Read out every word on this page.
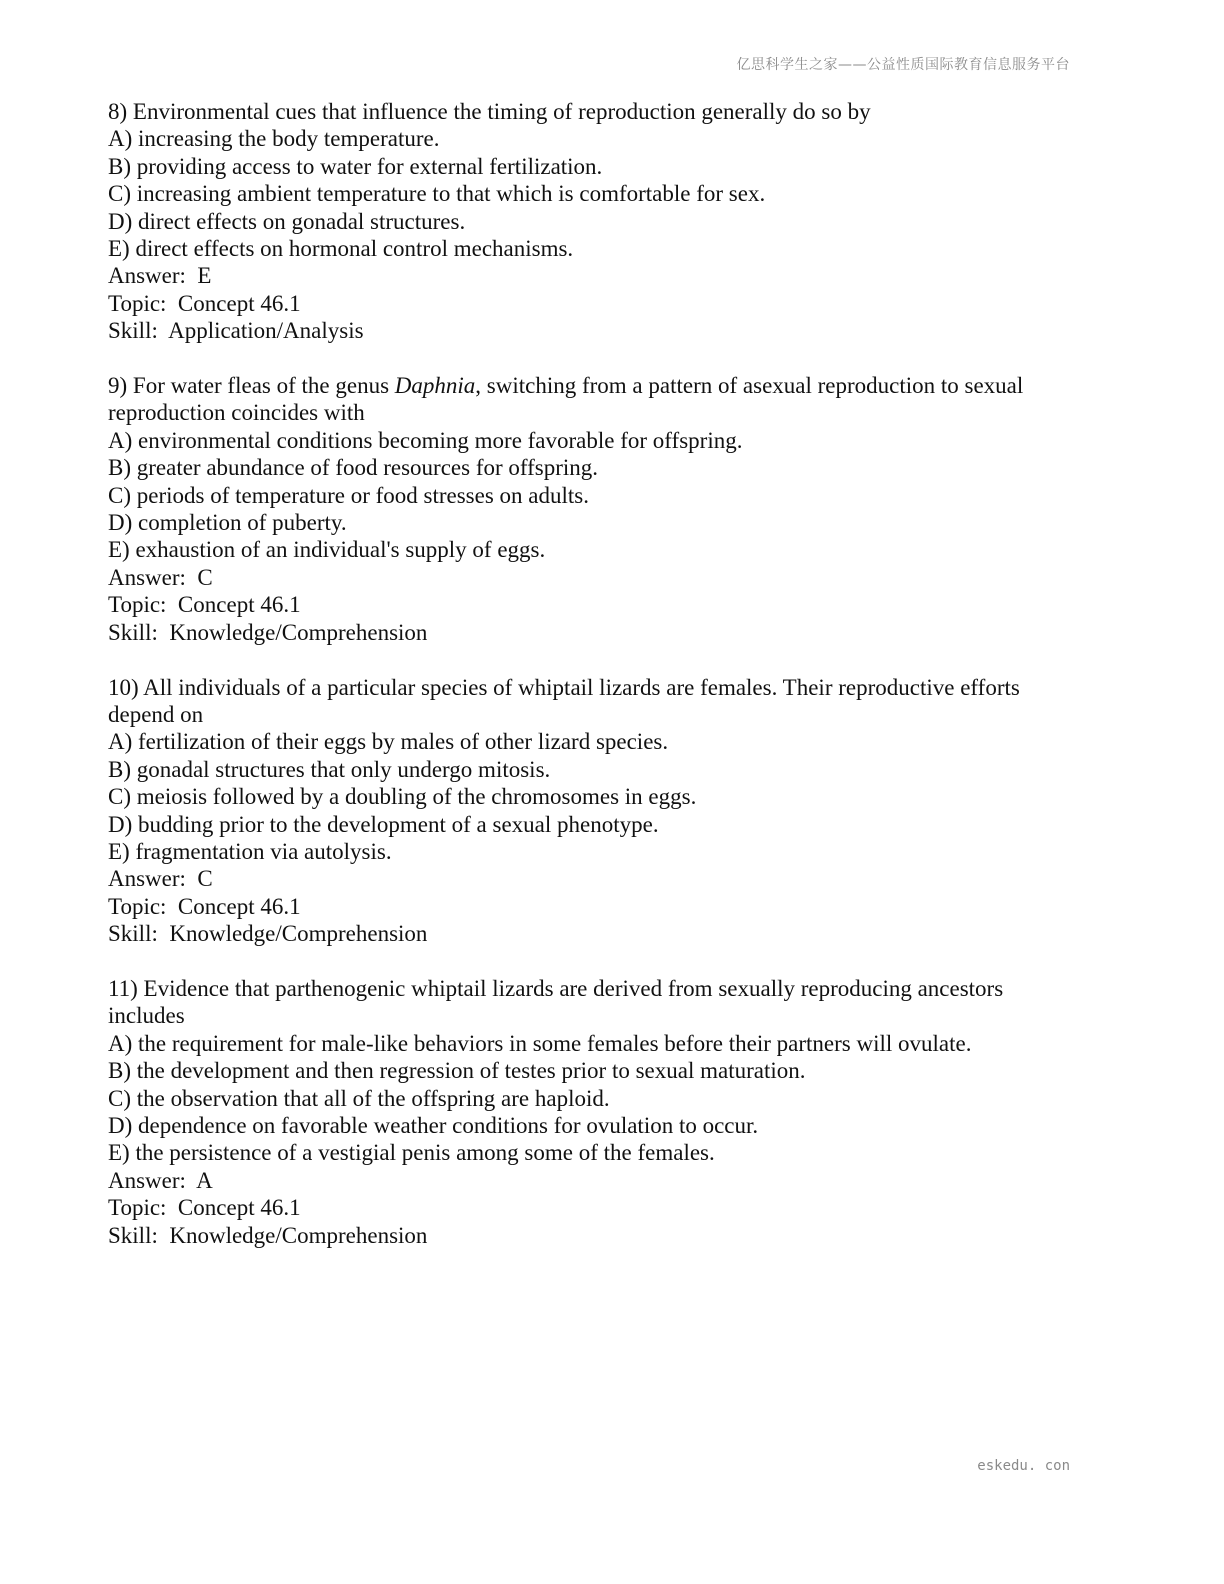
亿思科学生之家——公益性质国际教育信息服务平台
8) Environmental cues that influence the timing of reproduction generally do so by
A) increasing the body temperature.
B) providing access to water for external fertilization.
C) increasing ambient temperature to that which is comfortable for sex.
D) direct effects on gonadal structures.
E) direct effects on hormonal control mechanisms.
Answer:  E
Topic:  Concept 46.1
Skill:  Application/Analysis
9) For water fleas of the genus Daphnia, switching from a pattern of asexual reproduction to sexual reproduction coincides with
A) environmental conditions becoming more favorable for offspring.
B) greater abundance of food resources for offspring.
C) periods of temperature or food stresses on adults.
D) completion of puberty.
E) exhaustion of an individual's supply of eggs.
Answer:  C
Topic:  Concept 46.1
Skill:  Knowledge/Comprehension
10) All individuals of a particular species of whiptail lizards are females. Their reproductive efforts depend on
A) fertilization of their eggs by males of other lizard species.
B) gonadal structures that only undergo mitosis.
C) meiosis followed by a doubling of the chromosomes in eggs.
D) budding prior to the development of a sexual phenotype.
E) fragmentation via autolysis.
Answer:  C
Topic:  Concept 46.1
Skill:  Knowledge/Comprehension
11) Evidence that parthenogenic whiptail lizards are derived from sexually reproducing ancestors includes
A) the requirement for male-like behaviors in some females before their partners will ovulate.
B) the development and then regression of testes prior to sexual maturation.
C) the observation that all of the offspring are haploid.
D) dependence on favorable weather conditions for ovulation to occur.
E) the persistence of a vestigial penis among some of the females.
Answer:  A
Topic:  Concept 46.1
Skill:  Knowledge/Comprehension
eskedu. con
